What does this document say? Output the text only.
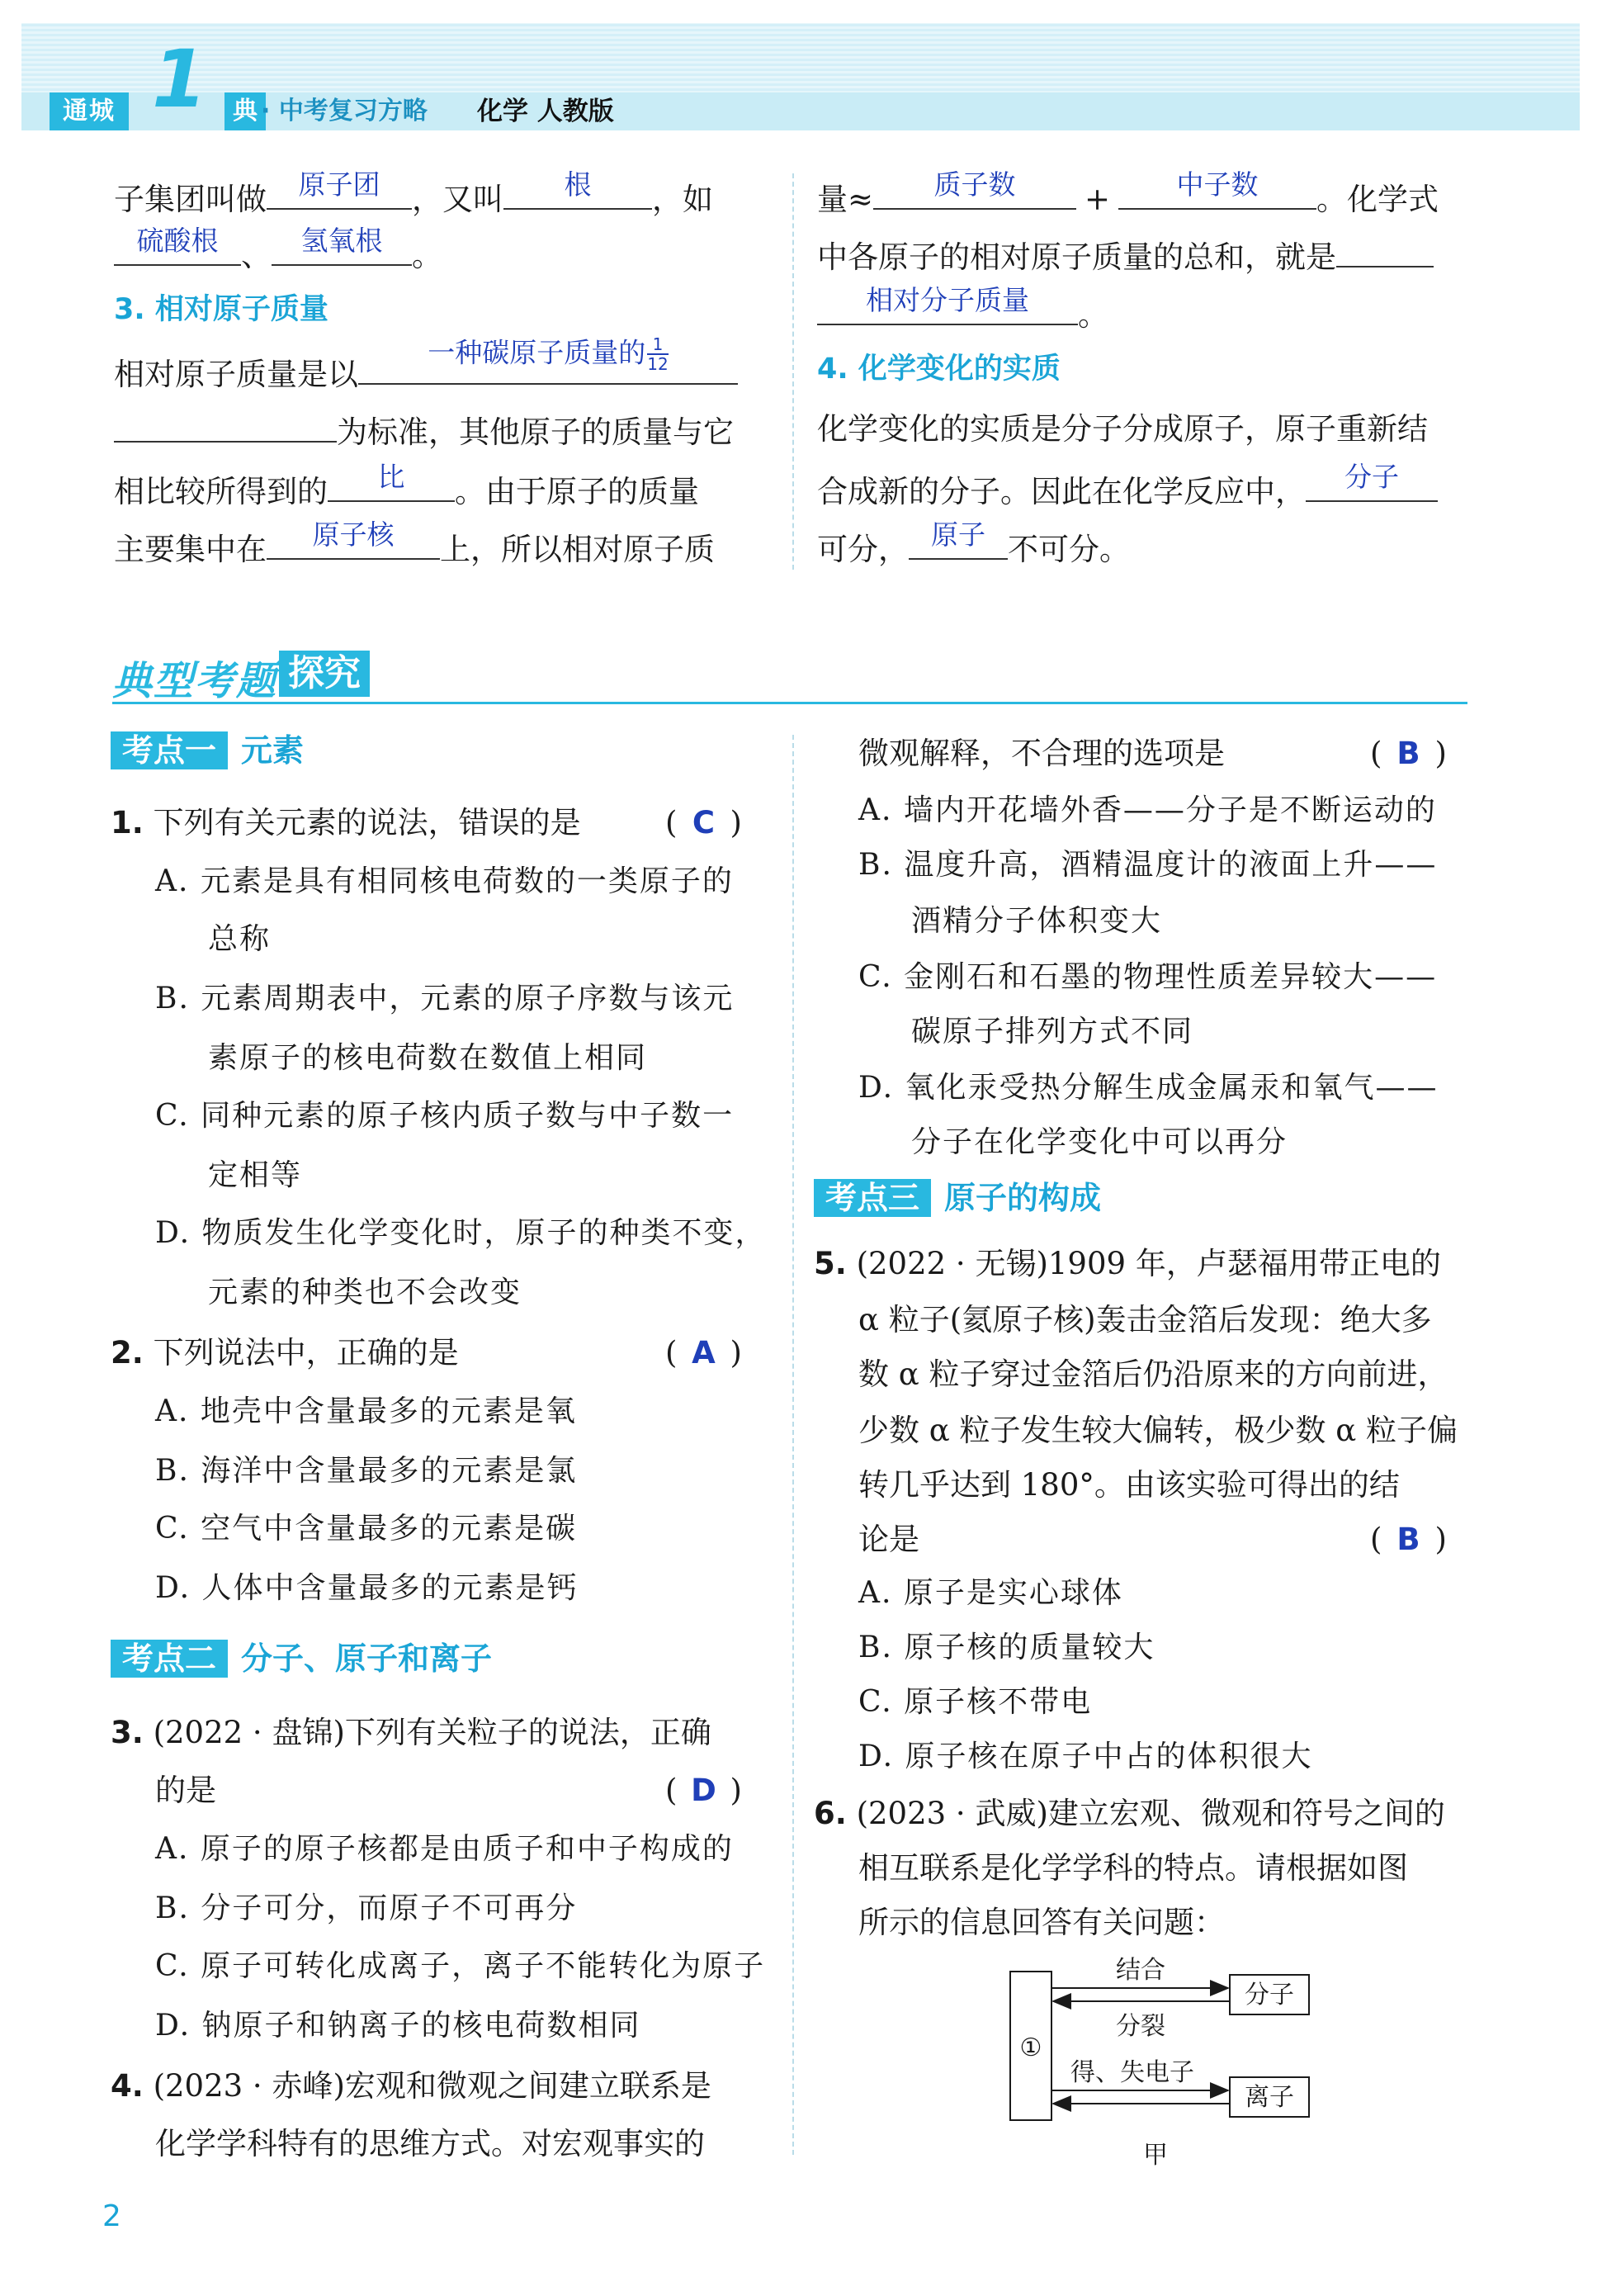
通城 1	典 · 中考复习方略 化学 人教版
子集团叫做	原子团	，又叫	根	，如
硫酸根 、	氢氧根 。
3. 相对原子质量
相对原子质量是以
一种碳原子质量的 $\frac{1}{12}$
为标准，其他原子的质量与它
相比较所得到的	比	。由于原子的质量
主要集中在	原子核	上，所以相对原子质
量≈	质子数	+	中子数	。化学式
中各原子的相对原子质量的总和，就是
相对分子质量	。
4. 化学变化的实质
化学变化的实质是分子分成原子，原子重新结
合成新的分子。因此在化学反应中，	分子
可分， 原子 不可分。
典型考题 探究
考点一 元素
1. 下列有关元素的说法，错误的是	( C )
A. 元素是具有相同核电荷数的一类原子的
总称
B. 元素周期表中，元素的原子序数与该元
素原子的核电荷数在数值上相同
C. 同种元素的原子核内质子数与中子数一
定相等
D. 物质发生化学变化时，原子的种类不变，
元素的种类也不会改变
2. 下列说法中，正确的是	( A )
A. 地壳中含量最多的元素是氧
B. 海洋中含量最多的元素是氯
C. 空气中含量最多的元素是碳
D. 人体中含量最多的元素是钙
考点二 分子、原子和离子
3. (2022 · 盘锦)下列有关粒子的说法，正确
的是	( D )
A. 原子的原子核都是由质子和中子构成的
B. 分子可分，而原子不可再分
C. 原子可转化成离子，离子不能转化为原子
D. 钠原子和钠离子的核电荷数相同
4. (2023 · 赤峰)宏观和微观之间建立联系是
化学学科特有的思维方式。对宏观事实的
微观解释，不合理的选项是	( B )
A. 墙内开花墙外香——分子是不断运动的
B. 温度升高，酒精温度计的液面上升——
酒精分子体积变大
C. 金刚石和石墨的物理性质差异较大——
碳原子排列方式不同
D. 氧化汞受热分解生成金属汞和氧气——
分子在化学变化中可以再分
考点三 原子的构成
5. (2022 · 无锡)1909 年，卢瑟福用带正电的
α 粒子(氦原子核)轰击金箔后发现：绝大多
数 α 粒子穿过金箔后仍沿原来的方向前进，
少数 α 粒子发生较大偏转，极少数 α 粒子偏
转几乎达到 180°。由该实验可得出的结
论是	( B )
A. 原子是实心球体
B. 原子核的质量较大
C. 原子核不带电
D. 原子核在原子中占的体积很大
6. (2023 · 武威)建立宏观、微观和符号之间的
相互联系是化学学科的特点。请根据如图
所示的信息回答有关问题：
①
分子
离子
结合
分裂
得、失电子
甲
2
